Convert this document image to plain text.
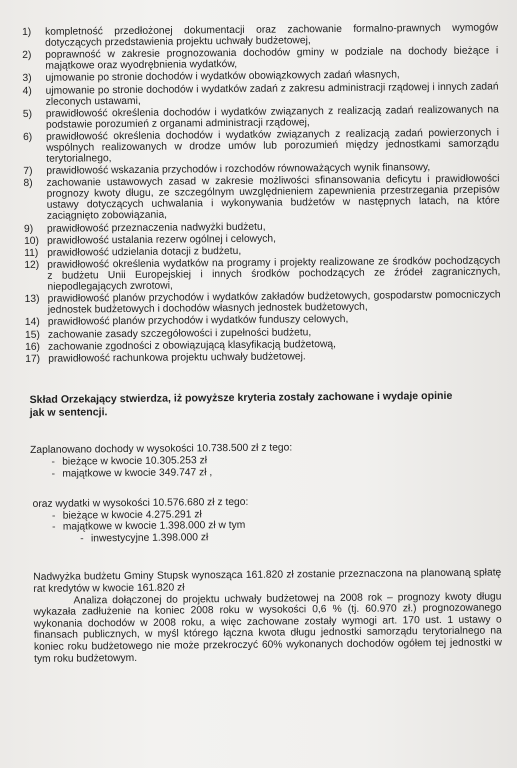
1)	kompletność przedłożonej dokumentacji oraz zachowanie formalno-prawnych wymogów dotyczących przedstawienia projektu uchwały budżetowej,
2)	poprawność w zakresie prognozowania dochodów gminy w podziale na dochody bieżące i majątkowe oraz wyodrębnienia wydatków,
3)	ujmowanie po stronie dochodów i wydatków obowiązkowych zadań własnych,
4)	ujmowanie po stronie dochodów i wydatków zadań z zakresu administracji rządowej i innych zadań zleconych ustawami,
5)	prawidłowość określenia dochodów i wydatków związanych z realizacją zadań realizowanych na podstawie porozumień z organami administracji rządowej,
6)	prawidłowość określenia dochodów i wydatków związanych z realizacją zadań powierzonych i wspólnych realizowanych w drodze umów lub porozumień między jednostkami samorządu terytorialnego,
7)	prawidłowość wskazania przychodów i rozchodów równoważących wynik finansowy,
8)	zachowanie ustawowych zasad w zakresie możliwości sfinansowania deficytu i prawidłowości prognozy kwoty długu, ze szczególnym uwzględnieniem zapewnienia przestrzegania przepisów ustawy dotyczących uchwalania i wykonywania budżetów w następnych latach, na które zaciągnięto zobowiązania,
9)	prawidłowość przeznaczenia nadwyżki budżetu,
10) prawidłowość ustalania rezerw ogólnej i celowych,
11) prawidłowość udzielania dotacji z budżetu,
12) prawidłowość określenia wydatków na programy i projekty realizowane ze środków pochodzących z budżetu Unii Europejskiej i innych środków pochodzących ze źródeł zagranicznych, niepodlegających zwrotowi,
13) prawidłowość planów przychodów i wydatków zakładów budżetowych, gospodarstw pomocniczych jednostek budżetowych i dochodów własnych jednostek budżetowych,
14) prawidłowość planów przychodów i wydatków funduszy celowych,
15) zachowanie zasady szczegółowości i zupełności budżetu,
16) zachowanie zgodności z obowiązującą klasyfikacją budżetową,
17) prawidłowość rachunkowa projektu uchwały budżetowej.
Skład Orzekający stwierdza, iż powyższe kryteria zostały zachowane i wydaje opinie jak w sentencji.
Zaplanowano dochody w wysokości 10.738.500 zł z tego:
- bieżące w kwocie 10.305.253 zł
- majątkowe w kwocie 349.747 zł ,
oraz wydatki w wysokości 10.576.680 zł z tego:
- bieżące w kwocie 4.275.291 zł
- majątkowe w kwocie 1.398.000 zł w tym
- inwestycyjne 1.398.000 zł
Nadwyżka budżetu Gminy Stupsk wynosząca 161.820 zł zostanie przeznaczona na planowaną spłatę rat kredytów w kwocie 161.820 zł
Analiza dołączonej do projektu uchwały budżetowej na 2008 rok – prognozy kwoty długu wykazała zadłużenie na koniec 2008 roku w wysokości 0,6 % (tj. 60.970 zł.) prognozowanego wykonania dochodów w 2008 roku, a więc zachowane zostały wymogi art. 170 ust. 1 ustawy o finansach publicznych, w myśl którego łączna kwota długu jednostki samorządu terytorialnego na koniec roku budżetowego nie może przekroczyć 60% wykonanych dochodów ogółem tej jednostki w tym roku budżetowym.
